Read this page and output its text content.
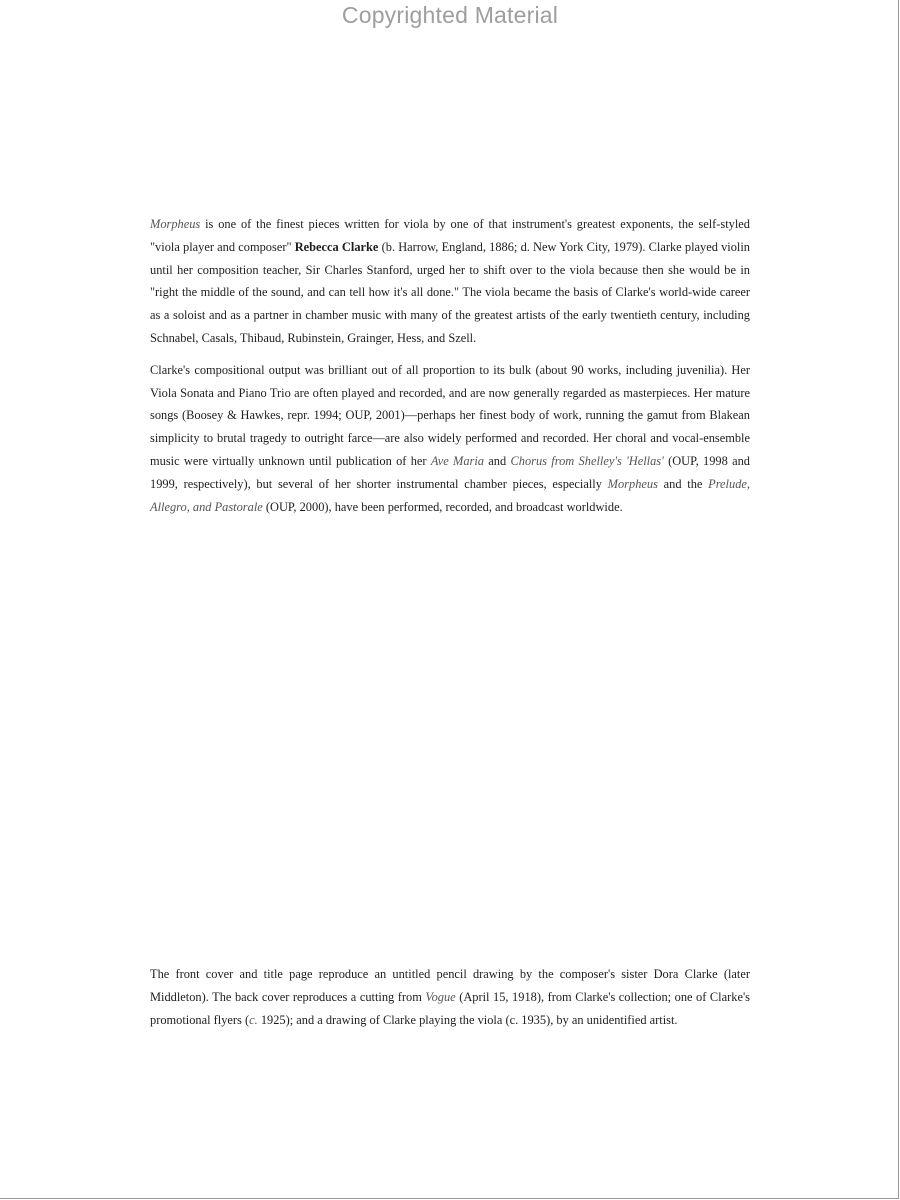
Copyrighted Material

Morpheus is one of the finest pieces written for viola by one of that instrument's greatest exponents, the self-styled "viola player and composer" Rebecca Clarke (b. Harrow, England, 1886; d. New York City, 1979). Clarke played violin until her composition teacher, Sir Charles Stanford, urged her to shift over to the viola because then she would be in "right the middle of the sound, and can tell how it's all done." The viola became the basis of Clarke's world-wide career as a soloist and as a partner in chamber music with many of the greatest artists of the early twentieth century, including Schnabel, Casals, Thibaud, Rubinstein, Grainger, Hess, and Szell.

Clarke's compositional output was brilliant out of all proportion to its bulk (about 90 works, including juvenilia). Her Viola Sonata and Piano Trio are often played and recorded, and are now generally regarded as masterpieces. Her mature songs (Boosey & Hawkes, repr. 1994; OUP, 2001)—perhaps her finest body of work, running the gamut from Blakean simplicity to brutal tragedy to outright farce—are also widely performed and recorded. Her choral and vocal-ensemble music were virtually unknown until publication of her Ave Maria and Chorus from Shelley's 'Hellas' (OUP, 1998 and 1999, respectively), but several of her shorter instrumental chamber pieces, especially Morpheus and the Prelude, Allegro, and Pastorale (OUP, 2000), have been performed, recorded, and broadcast worldwide.

The front cover and title page reproduce an untitled pencil drawing by the composer's sister Dora Clarke (later Middleton). The back cover reproduces a cutting from Vogue (April 15, 1918), from Clarke's collection; one of Clarke's promotional flyers (c. 1925); and a drawing of Clarke playing the viola (c. 1935), by an unidentified artist.
